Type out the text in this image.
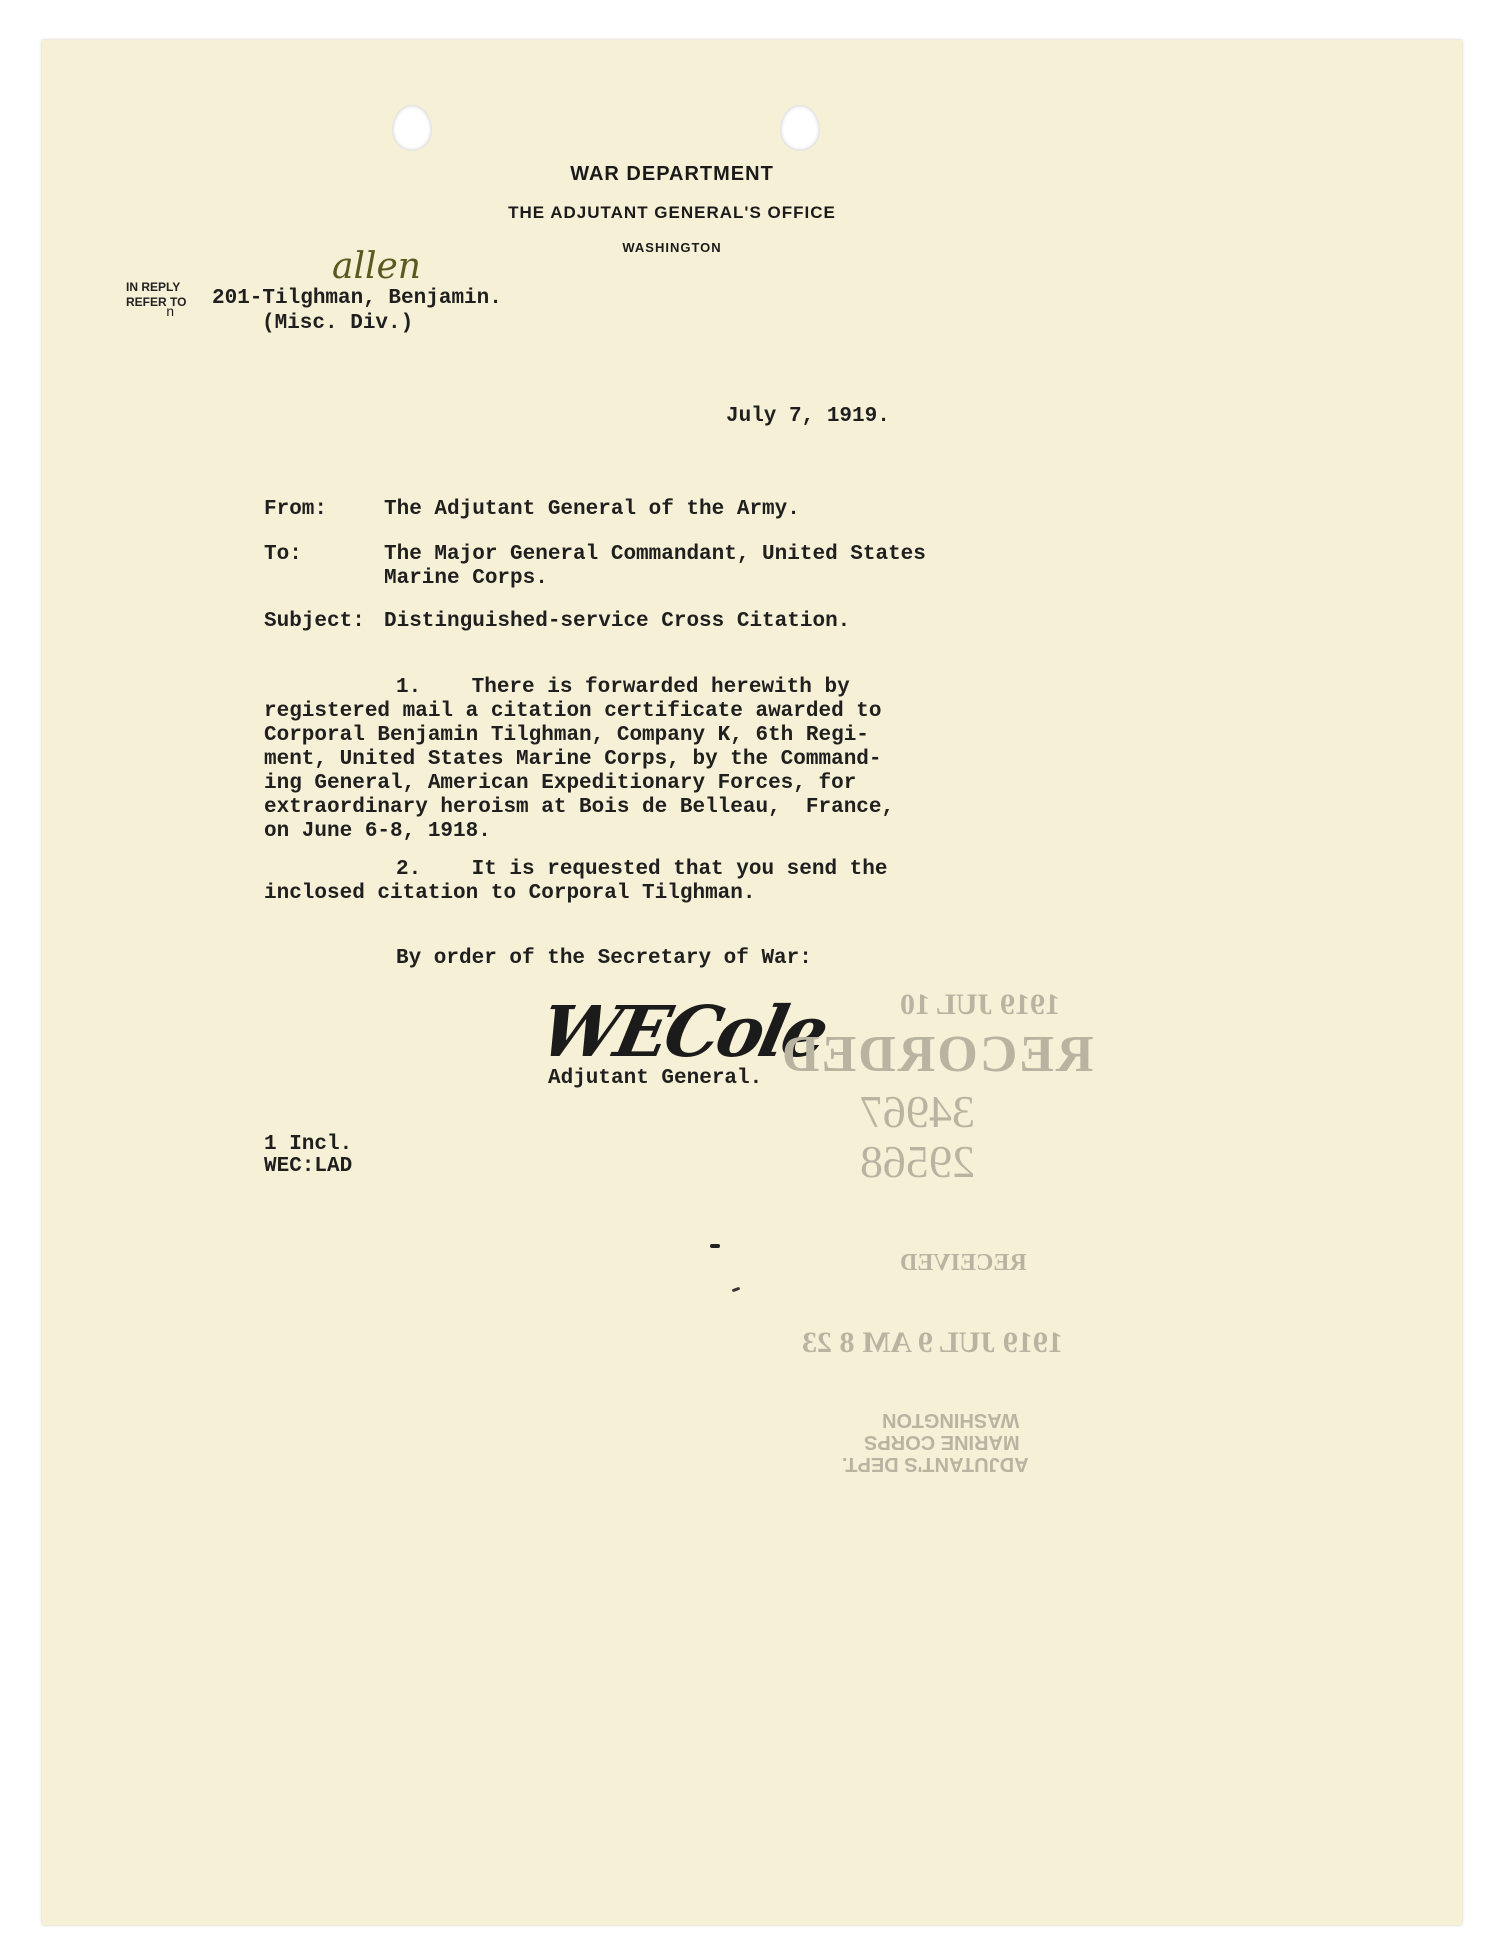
WAR DEPARTMENT
THE ADJUTANT GENERAL'S OFFICE
WASHINGTON
IN REPLY
REFER TO
n
allen
201-Tilghman, Benjamin.
(Misc. Div.)
July 7, 1919.
From:	The Adjutant General of the Army.
To:	The Major General Commandant, United States
Marine Corps.
Subject: Distinguished-service Cross Citation.
1.    There is forwarded herewith by
registered mail a citation certificate awarded to
Corporal Benjamin Tilghman, Company K, 6th Regi-
ment, United States Marine Corps, by the Command-
ing General, American Expeditionary Forces, for
extraordinary heroism at Bois de Belleau,  France,
on June 6-8, 1918.
2.    It is requested that you send the
inclosed citation to Corporal Tilghman.
By order of the Secretary of War:
WECole
Adjutant General.
1 Incl.
WEC:LAD
1919 JUL 10
RECORDED
34967
29568
RECEIVED
1919 JUL 9 AM 8 23
ADJUTANT'S DEPT.
MARINE CORPS
WASHINGTON
